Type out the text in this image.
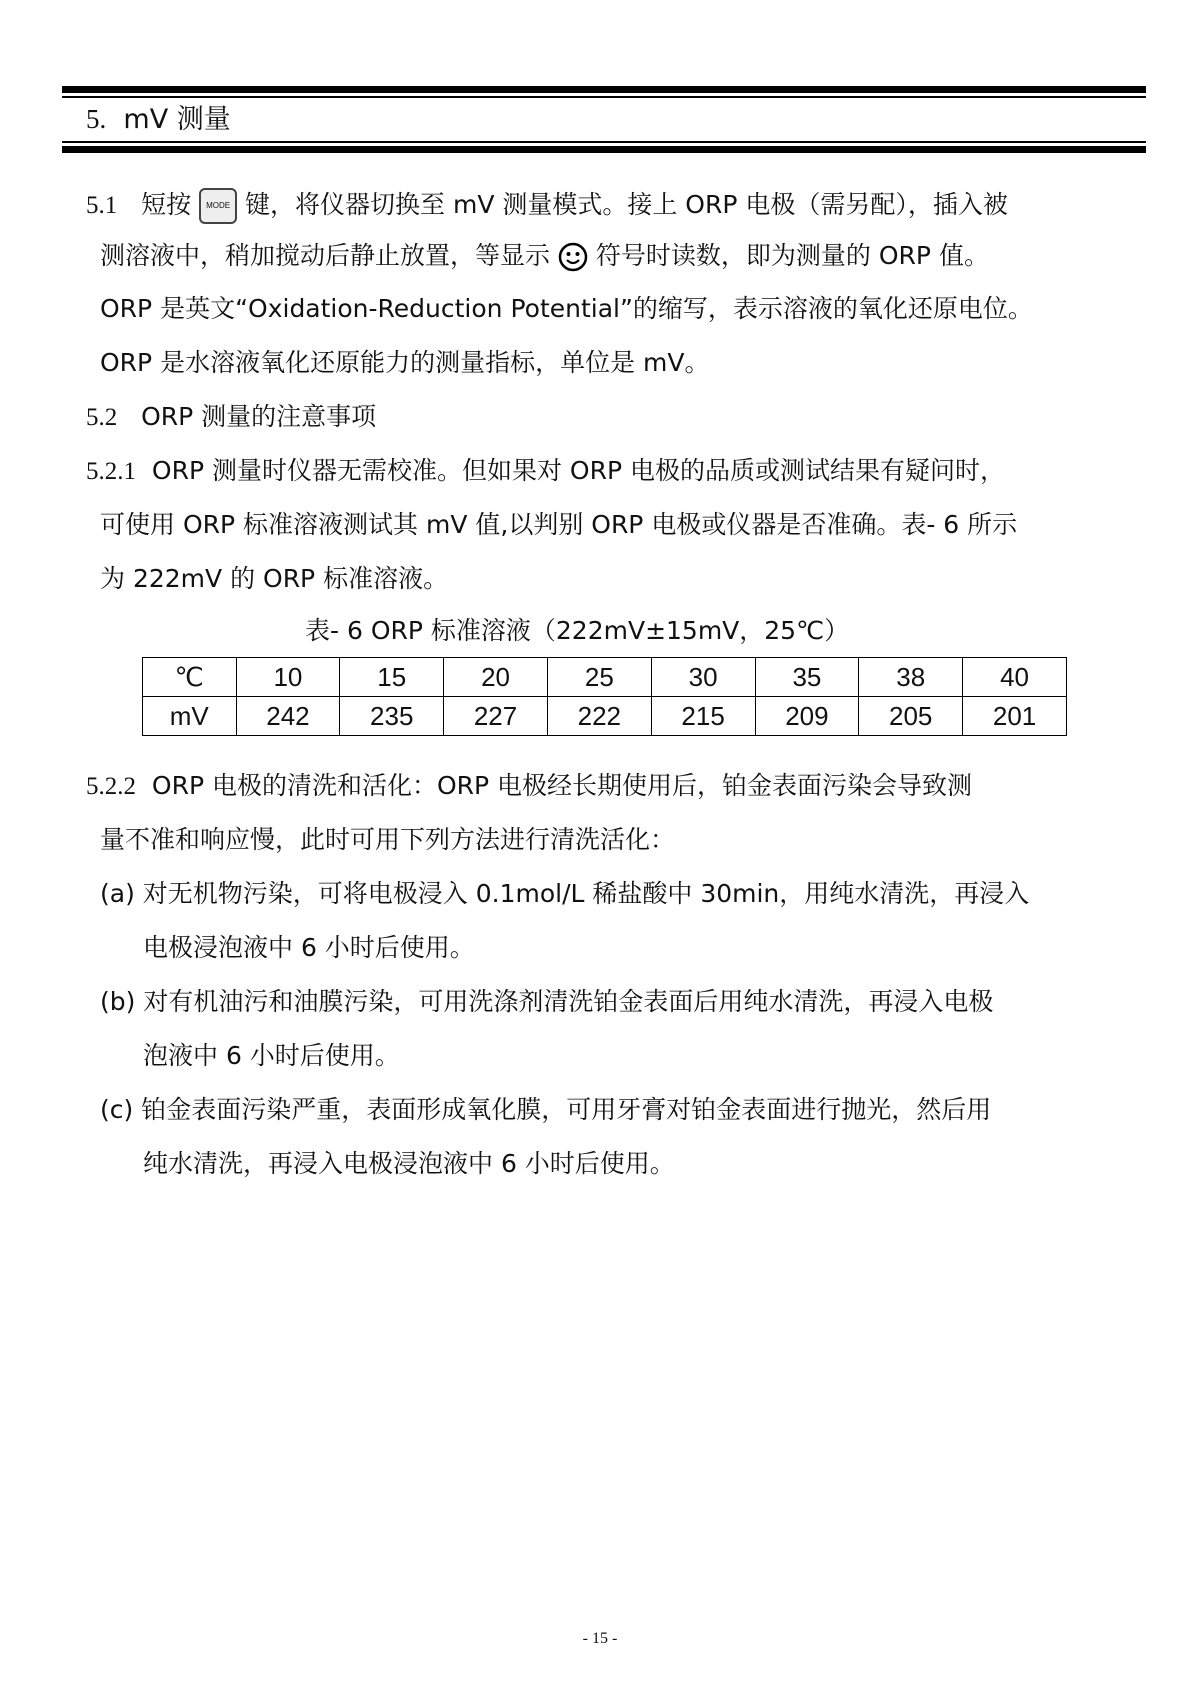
5. mV 测量
5.1 短按 MODE 键，将仪器切换至 mV 测量模式。接上 ORP 电极（需另配），插入被
测溶液中，稍加搅动后静止放置，等显示 符号时读数，即为测量的 ORP 值。
ORP 是英文“Oxidation-Reduction Potential”的缩写，表示溶液的氧化还原电位。
ORP 是水溶液氧化还原能力的测量指标，单位是 mV。
5.2 ORP 测量的注意事项
5.2.1 ORP 测量时仪器无需校准。但如果对 ORP 电极的品质或测试结果有疑问时，
可使用 ORP 标准溶液测试其 mV 值,以判别 ORP 电极或仪器是否准确。表- 6 所示
为 222mV 的 ORP 标准溶液。
表- 6 ORP 标准溶液（222mV±15mV，25℃）
℃	10	15	20	25	30	35	38	40
mV	242	235	227	222	215	209	205	201
5.2.2 ORP 电极的清洗和活化：ORP 电极经长期使用后，铂金表面污染会导致测
量不准和响应慢，此时可用下列方法进行清洗活化：
(a) 对无机物污染，可将电极浸入 0.1mol/L 稀盐酸中 30min，用纯水清洗，再浸入
电极浸泡液中 6 小时后使用。
(b) 对有机油污和油膜污染，可用洗涤剂清洗铂金表面后用纯水清洗，再浸入电极
泡液中 6 小时后使用。
(c) 铂金表面污染严重，表面形成氧化膜，可用牙膏对铂金表面进行抛光，然后用
纯水清洗，再浸入电极浸泡液中 6 小时后使用。
- 15 -
